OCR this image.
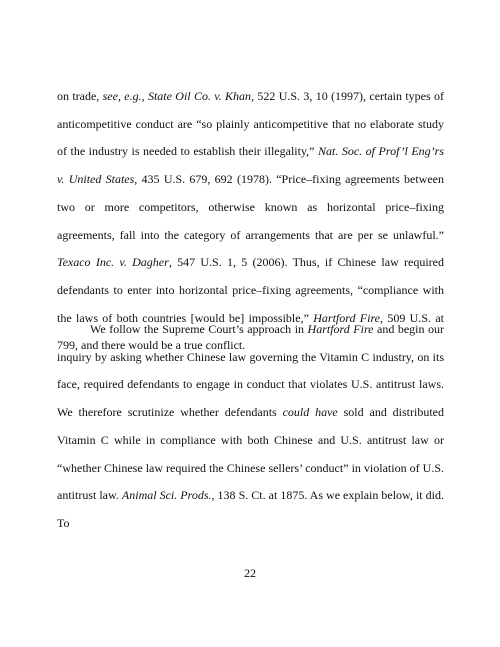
on trade, see, e.g., State Oil Co. v. Khan, 522 U.S. 3, 10 (1997), certain types of anticompetitive conduct are “so plainly anticompetitive that no elaborate study of the industry is needed to establish their illegality,” Nat. Soc. of Prof’l Eng’rs v. United States, 435 U.S. 679, 692 (1978). “Price–fixing agreements between two or more competitors, otherwise known as horizontal price–fixing agreements, fall into the category of arrangements that are per se unlawful.” Texaco Inc. v. Dagher, 547 U.S. 1, 5 (2006). Thus, if Chinese law required defendants to enter into horizontal price–fixing agreements, “compliance with the laws of both countries [would be] impossible,” Hartford Fire, 509 U.S. at 799, and there would be a true conflict.
We follow the Supreme Court’s approach in Hartford Fire and begin our inquiry by asking whether Chinese law governing the Vitamin C industry, on its face, required defendants to engage in conduct that violates U.S. antitrust laws. We therefore scrutinize whether defendants could have sold and distributed Vitamin C while in compliance with both Chinese and U.S. antitrust law or “whether Chinese law required the Chinese sellers’ conduct” in violation of U.S. antitrust law. Animal Sci. Prods., 138 S. Ct. at 1875. As we explain below, it did. To
22
